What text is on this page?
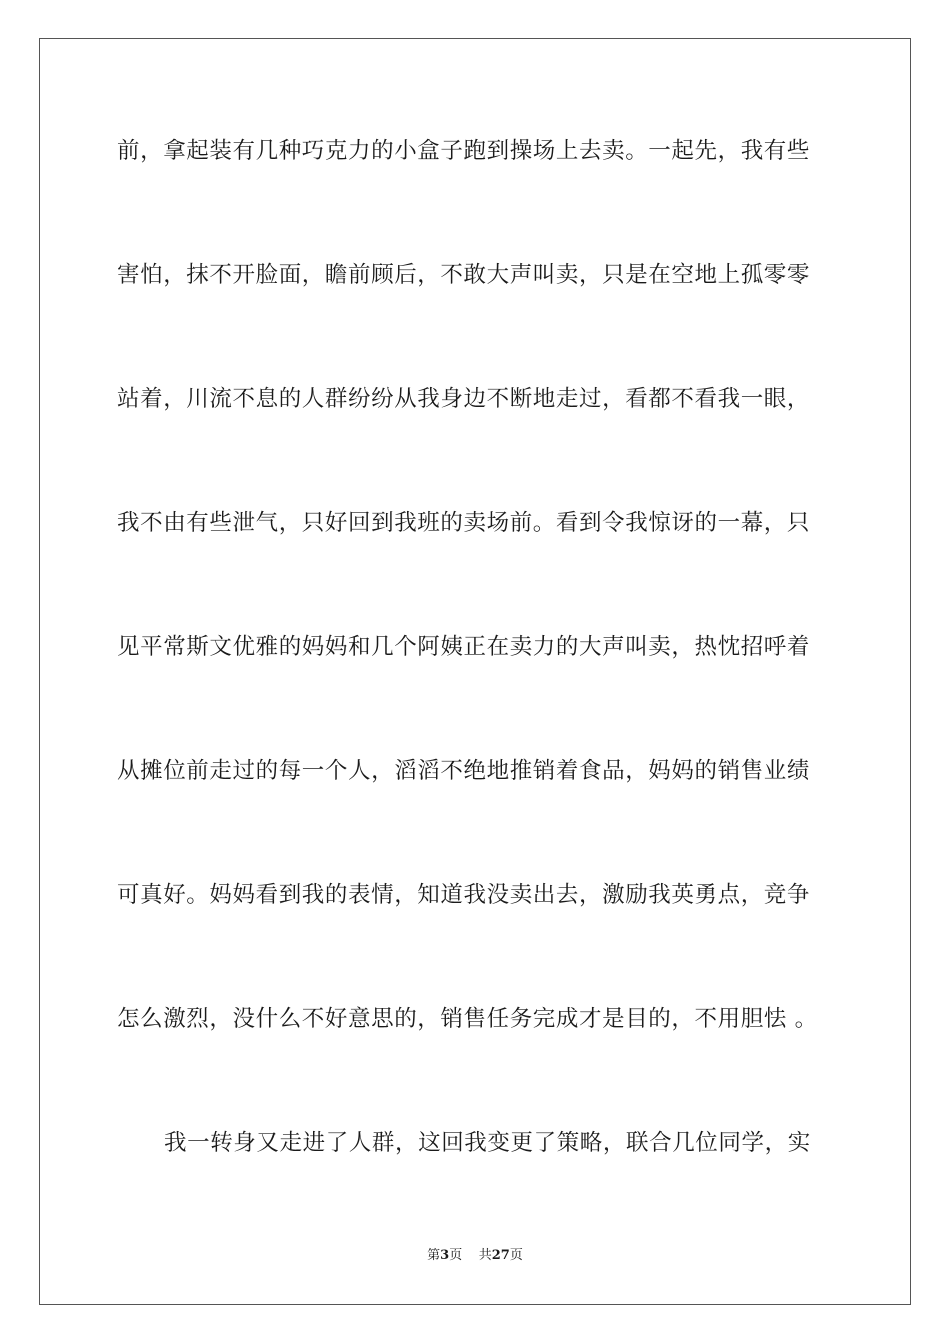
前，拿起装有几种巧克力的小盒子跑到操场上去卖。一起先，我有些
害怕，抹不开脸面，瞻前顾后，不敢大声叫卖，只是在空地上孤零零
站着，川流不息的人群纷纷从我身边不断地走过，看都不看我一眼，
我不由有些泄气，只好回到我班的卖场前。看到令我惊讶的一幕，只
见平常斯文优雅的妈妈和几个阿姨正在卖力的大声叫卖，热忱招呼着
从摊位前走过的每一个人，滔滔不绝地推销着食品，妈妈的销售业绩
可真好。妈妈看到我的表情，知道我没卖出去，激励我英勇点，竞争
怎么激烈，没什么不好意思的，销售任务完成才是目的，不用胆怯 。
我一转身又走进了人群，这回我变更了策略，联合几位同学，实
第3页 共27页
